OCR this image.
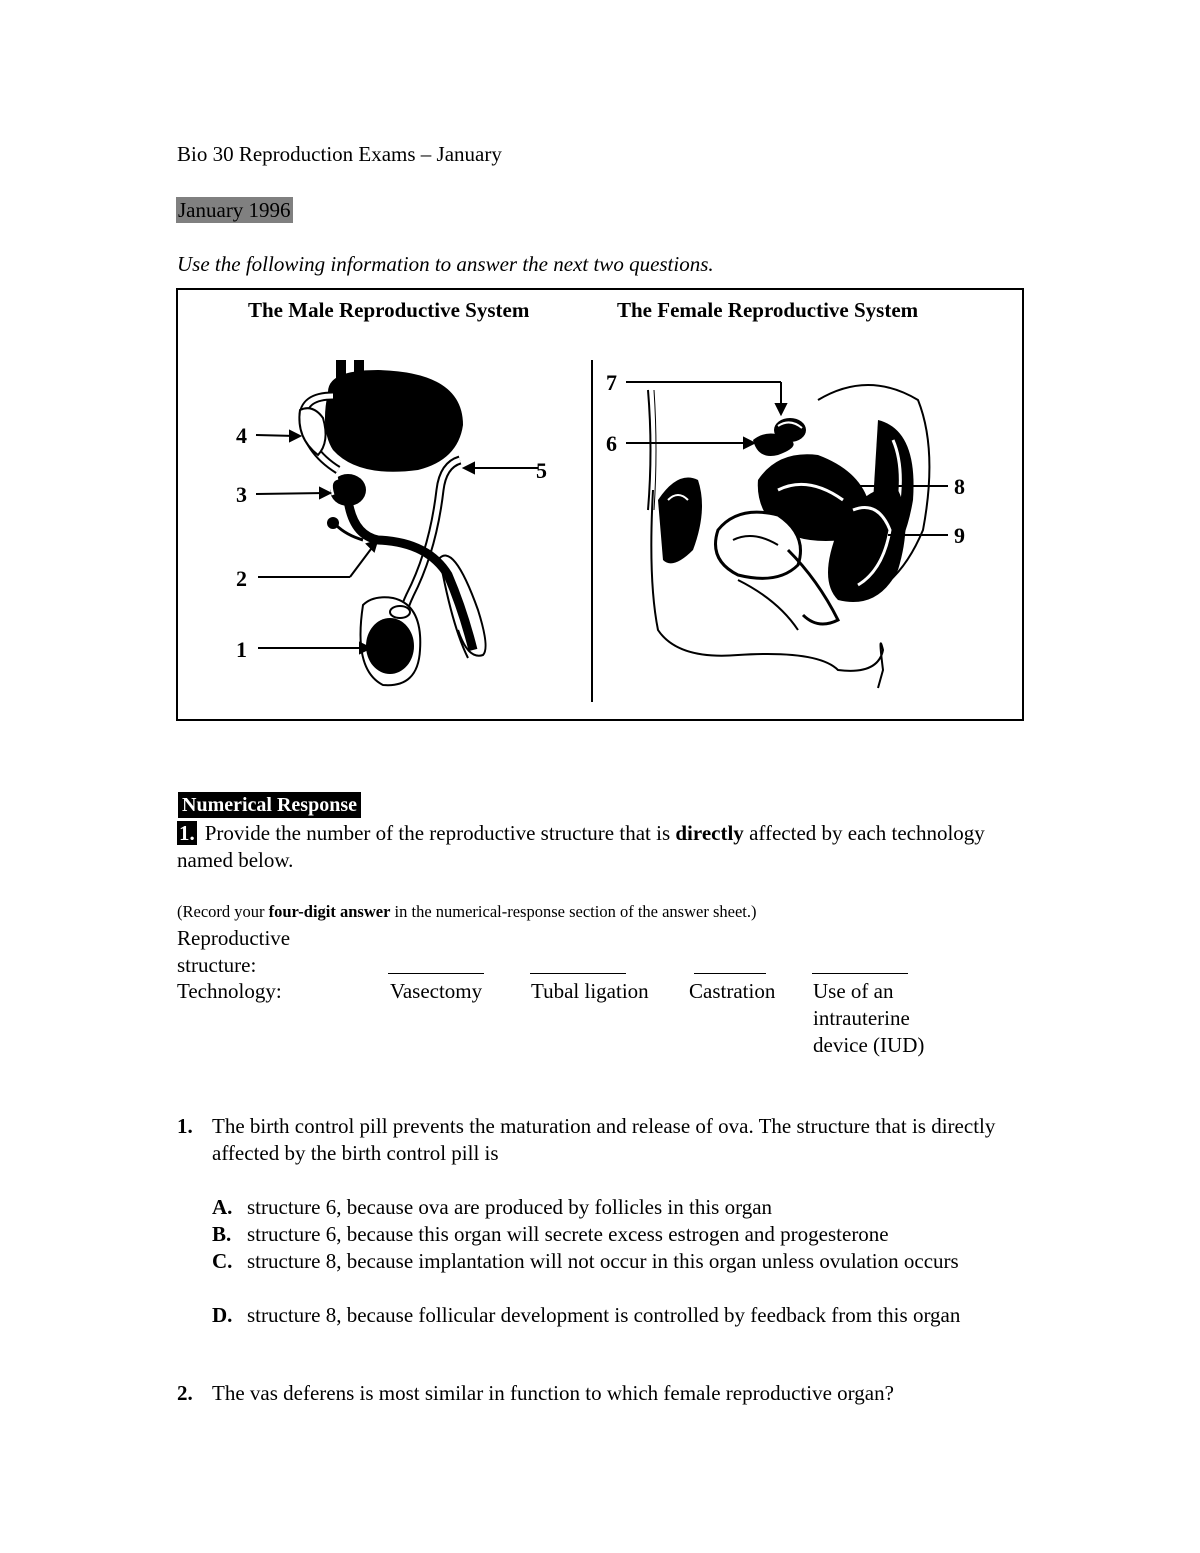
Bio 30 Reproduction Exams – January
January 1996
Use the following information to answer the next two questions.
The Male Reproductive System	The Female Reproductive System
4
3
2
1
5
7
6
8
9
Numerical Response
1. Provide the number of the reproductive structure that is directly affected by each technology named below.
(Record your four-digit answer in the numerical-response section of the answer sheet.)
Reproductive structure:
Technology:	Vasectomy Tubal ligation Castration Use of an intrauterine device (IUD)
1. The birth control pill prevents the maturation and release of ova. The structure that is directly affected by the birth control pill is
A. structure 6, because ova are produced by follicles in this organ
B. structure 6, because this organ will secrete excess estrogen and progesterone
C. structure 8, because implantation will not occur in this organ unless ovulation occurs
D. structure 8, because follicular development is controlled by feedback from this organ
2. The vas deferens is most similar in function to which female reproductive organ?
